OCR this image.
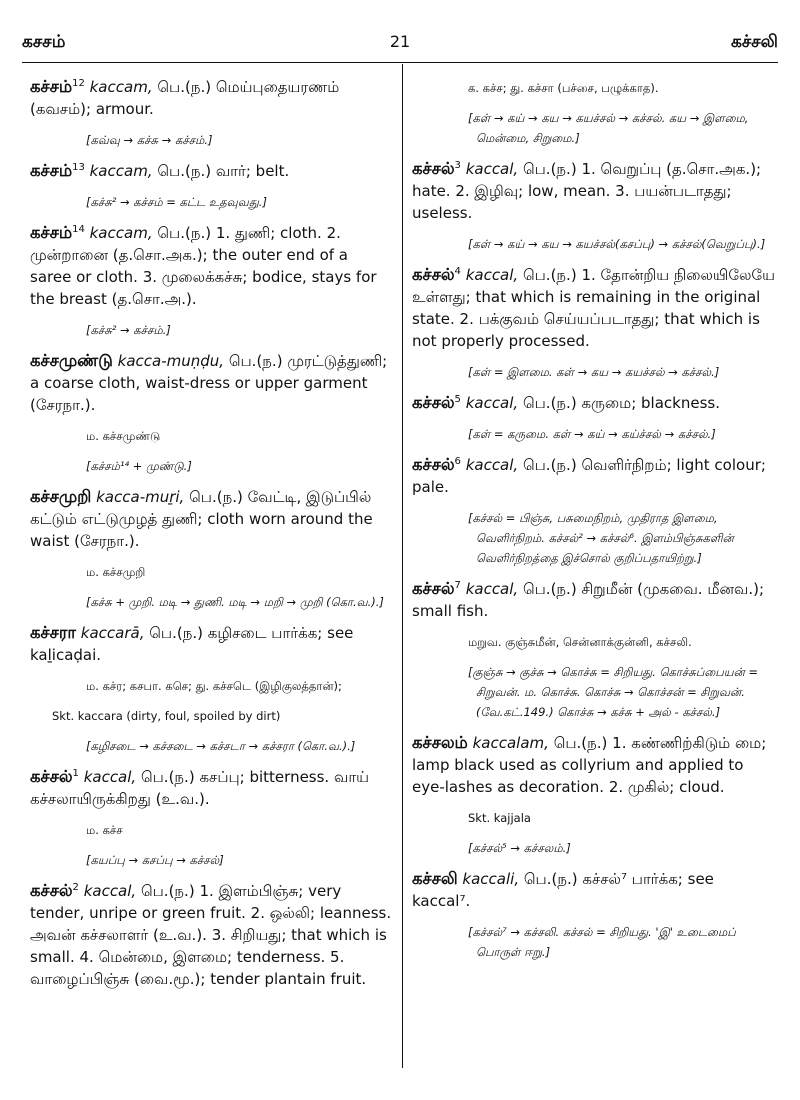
கசசம்	21	கச்சலி
கச்சம்$^{12}$ kaccam, பெ.(ந.) மெய்புதையரணம் (கவசம்); armour.
[கவ்வு → கச்சு → கச்சம்.]
கச்சம்$^{13}$ kaccam, பெ.(ந.) வார்; belt.
[கச்சு² → கச்சம் = கட்ட உதவுவது.]
கச்சம்$^{14}$ kaccam, பெ.(ந.) 1. துணி; cloth. 2. முன்றானை (த.சொ.அக.); the outer end of a saree or cloth. 3. முலைக்கச்சு; bodice, stays for the breast (த.சொ.அ.).
[கச்சு² → கச்சம்.]
கச்சமுண்டு kacca-muṇḍu, பெ.(ந.) முரட்டுத்துணி; a coarse cloth, waist-dress or upper garment (சேரநா.).
ம. கச்சமுண்டு
[கச்சம்¹⁴ + முண்டு.]
கச்சமுறி kacca-muṟi, பெ.(ந.) வேட்டி, இடுப்பில் கட்டும் எட்டுமுழத் துணி; cloth worn around the waist (சேரநா.).
ம. கச்சமுறி
[கச்சு + முறி. மடி → துணி. மடி → மறி → முறி (கொ.வ.).]
கச்சரா kaccarā, பெ.(ந.) கழிசடை பார்க்க; see kaḻicaḍai.
ம. கச்ர; கசபா. கசெ; து. கச்சடெ (இழிகுலத்தான்);
Skt. kaccara (dirty, foul, spoiled by dirt)
[கழிசடை → கச்சடை → கச்சடா → கச்சரா (கொ.வ.).]
கச்சல்$^1$ kaccal, பெ.(ந.) கசப்பு; bitterness. வாய் கச்சலாயிருக்கிறது (உ.வ.).
ம. கச்ச
[கயப்பு → கசப்பு → கச்சல்]
கச்சல்$^2$ kaccal, பெ.(ந.) 1. இளம்பிஞ்சு; very tender, unripe or green fruit. 2. ஒல்லி; leanness. அவன் கச்சலாளர் (உ.வ.). 3. சிறியது; that which is small. 4. மென்மை, இளமை; tenderness. 5. வாழைப்பிஞ்சு (வை.மூ.); tender plantain fruit.
க. கச்ச; து. கச்சா (பச்சை, பழுக்காத).
[கள் → கய் → கய → கயச்சல் → கச்சல். கய → இளமை, மென்மை, சிறுமை.]
கச்சல்$^3$ kaccal, பெ.(ந.) 1. வெறுப்பு (த.சொ.அக.); hate. 2. இழிவு; low, mean. 3. பயன்படாதது; useless.
[கள் → கய் → கய → கயச்சல்(கசப்பு) → கச்சல்(வெறுப்பு).]
கச்சல்$^4$ kaccal, பெ.(ந.) 1. தோன்றிய நிலையிலேயே உள்ளது; that which is remaining in the original state. 2. பக்குவம் செய்யப்படாதது; that which is not properly processed.
[கள் = இளமை. கள் → கய → கயச்சல் → கச்சல்.]
கச்சல்$^5$ kaccal, பெ.(ந.) கருமை; blackness.
[கள் = கருமை. கள் → கய் → கய்ச்சல் → கச்சல்.]
கச்சல்$^6$ kaccal, பெ.(ந.) வெளிர்நிறம்; light colour; pale.
[கச்சல் = பிஞ்சு, பசுமைநிறம், முதிராத இளமை, வெளிர்நிறம். கச்சல்² → கச்சல்⁶. இளம்பிஞ்சுகளின் வெளிர்நிறத்தை இச்சொல் குறிப்பதாயிற்று.]
கச்சல்$^7$ kaccal, பெ.(ந.) சிறுமீன் (முகவை. மீனவ.); small fish.
மறுவ. குஞ்சுமீன், சென்னாக்குன்னி, கச்சலி.
[குஞ்சு → குச்சு → கொச்சு = சிறியது. கொச்சுப்பையன் = சிறுவன். ம. கொச்சு. கொச்சு → கொச்சன் = சிறுவன். (வே.கட்.149.) கொச்சு → கச்சு + அல் - கச்சல்.]
கச்சலம் kaccalam, பெ.(ந.) 1. கண்ணிற்கிடும் மை; lamp black used as collyrium and applied to eye-lashes as decoration. 2. முகில்; cloud.
Skt. kajjala
[கச்சல்⁵ → கச்சலம்.]
கச்சலி kaccali, பெ.(ந.) கச்சல்⁷ பார்க்க; see kaccal⁷.
[கச்சல்⁷ → கச்சலி. கச்சல் = சிறியது. 'இ' உடைமைப் பொருள் ஈறு.]
